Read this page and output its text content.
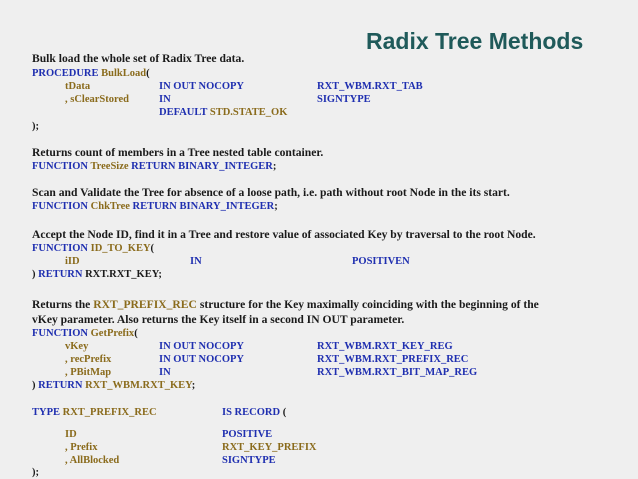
Radix Tree Methods
Bulk load the whole set of Radix Tree data.
PROCEDURE BulkLoad(
tData	IN OUT NOCOPY	RXT_WBM.RXT_TAB
, sClearStored	IN	SIGNTYPE
DEFAULT STD.STATE_OK
);
Returns count of members in a Tree nested table container.
FUNCTION TreeSize RETURN BINARY_INTEGER;
Scan and Validate the Tree for absence of a loose path, i.e. path without root Node in the its start.
FUNCTION ChkTree RETURN BINARY_INTEGER;
Accept the Node ID, find it in a Tree and restore value of associated Key by traversal to the root Node.
FUNCTION ID_TO_KEY(
iID	IN	POSITIVEN
) RETURN RXT.RXT_KEY;
Returns the RXT_PREFIX_REC structure for the Key maximally coinciding with the beginning of the
vKey parameter. Also returns the Key itself in a second IN OUT parameter.
FUNCTION GetPrefix(
vKey	IN OUT NOCOPY	RXT_WBM.RXT_KEY_REG
, recPrefix	IN OUT NOCOPY	RXT_WBM.RXT_PREFIX_REC
, PBitMap	IN	RXT_WBM.RXT_BIT_MAP_REG
) RETURN RXT_WBM.RXT_KEY;
TYPE RXT_PREFIX_REC	IS RECORD (
ID	POSITIVE
, Prefix	RXT_KEY_PREFIX
, AllBlocked	SIGNTYPE
);
